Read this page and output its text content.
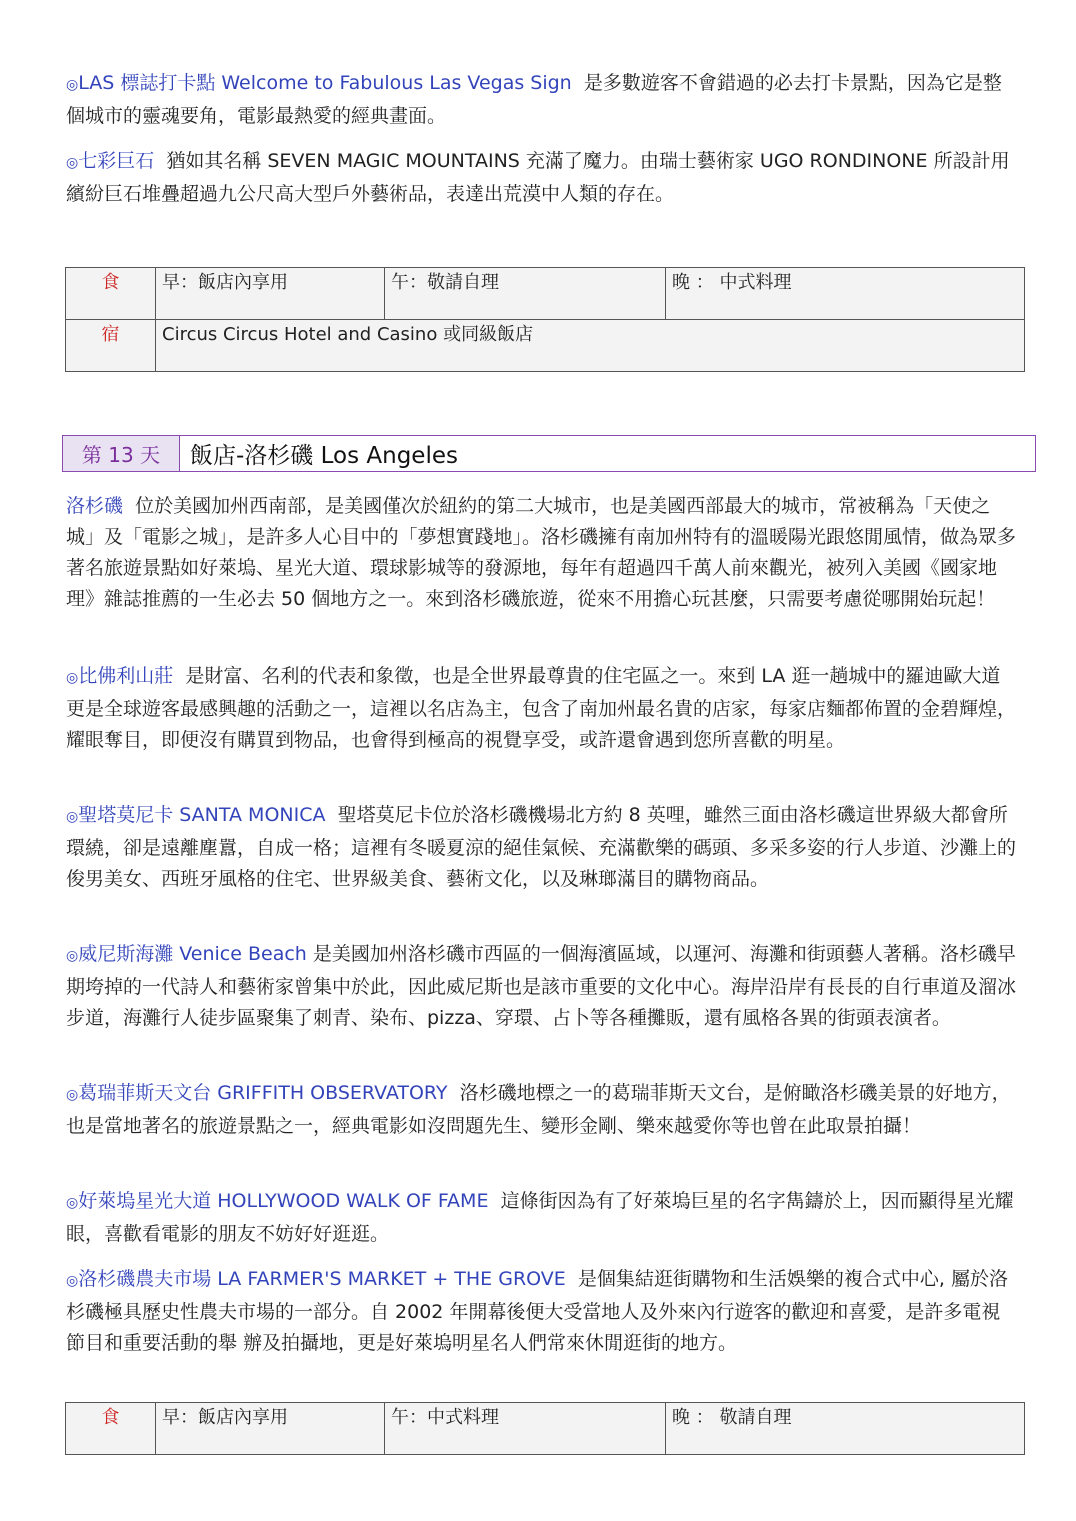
◎LAS 標誌打卡點 Welcome to Fabulous Las Vegas Sign 是多數遊客不會錯過的必去打卡景點，因為它是整個城市的靈魂要角，電影最熱愛的經典畫面。

◎七彩巨石 猶如其名稱 SEVEN MAGIC MOUNTAINS 充滿了魔力。由瑞士藝術家 UGO RONDINONE 所設計用繽紛巨石堆疊超過九公尺高大型戶外藝術品，表達出荒漠中人類的存在。

食	早：飯店內享用	午：敬請自理	晚 ： 中式料理
宿	Circus Circus Hotel and Casino 或同級飯店		
第 13 天	飯店-洛杉磯 Los Angeles

洛杉磯 位於美國加州西南部，是美國僅次於紐約的第二大城市，也是美國西部最大的城市，常被稱為「天使之城」及「電影之城」，是許多人心目中的「夢想實踐地」。洛杉磯擁有南加州特有的溫暖陽光跟悠閒風情，做為眾多著名旅遊景點如好萊塢、星光大道、環球影城等的發源地，每年有超過四千萬人前來觀光，被列入美國《國家地理》雜誌推薦的一生必去 50 個地方之一。來到洛杉磯旅遊，從來不用擔心玩甚麼，只需要考慮從哪開始玩起！

◎比佛利山莊 是財富、名利的代表和象徵，也是全世界最尊貴的住宅區之一。來到 LA 逛一趟城中的羅迪歐大道更是全球遊客最感興趣的活動之一，這裡以名店為主，包含了南加州最名貴的店家，每家店麵都佈置的金碧輝煌，耀眼奪目，即便沒有購買到物品，也會得到極高的視覺享受，或許還會遇到您所喜歡的明星。

◎聖塔莫尼卡 SANTA MONICA 聖塔莫尼卡位於洛杉磯機場北方約 8 英哩，雖然三面由洛杉磯這世界級大都會所環繞，卻是遠離塵囂，自成一格；這裡有冬暖夏涼的絕佳氣候、充滿歡樂的碼頭、多采多姿的行人步道、沙灘上的俊男美女、西班牙風格的住宅、世界級美食、藝術文化，以及琳瑯滿目的購物商品。

◎威尼斯海灘 Venice Beach 是美國加州洛杉磯市西區的一個海濱區域，以運河、海灘和街頭藝人著稱。洛杉磯早期垮掉的一代詩人和藝術家曾集中於此，因此威尼斯也是該市重要的文化中心。海岸沿岸有長長的自行車道及溜冰步道，海灘行人徒步區聚集了刺青、染布、pizza、穿環、占卜等各種攤販，還有風格各異的街頭表演者。

◎葛瑞菲斯天文台 GRIFFITH OBSERVATORY 洛杉磯地標之一的葛瑞菲斯天文台，是俯瞰洛杉磯美景的好地方，也是當地著名的旅遊景點之一，經典電影如沒問題先生、變形金剛、樂來越愛你等也曾在此取景拍攝！

◎好萊塢星光大道 HOLLYWOOD WALK OF FAME 這條街因為有了好萊塢巨星的名字雋鑄於上，因而顯得星光耀眼，喜歡看電影的朋友不妨好好逛逛。

◎洛杉磯農夫市場 LA FARMER'S MARKET + THE GROVE 是個集結逛街購物和生活娛樂的複合式中心, 屬於洛杉磯極具歷史性農夫市場的一部分。自 2002 年開幕後便大受當地人及外來內行遊客的歡迎和喜愛，是許多電視節目和重要活動的舉 辦及拍攝地，更是好萊塢明星名人們常來休閒逛街的地方。

食	早：飯店內享用	午：中式料理	晚 ： 敬請自理
